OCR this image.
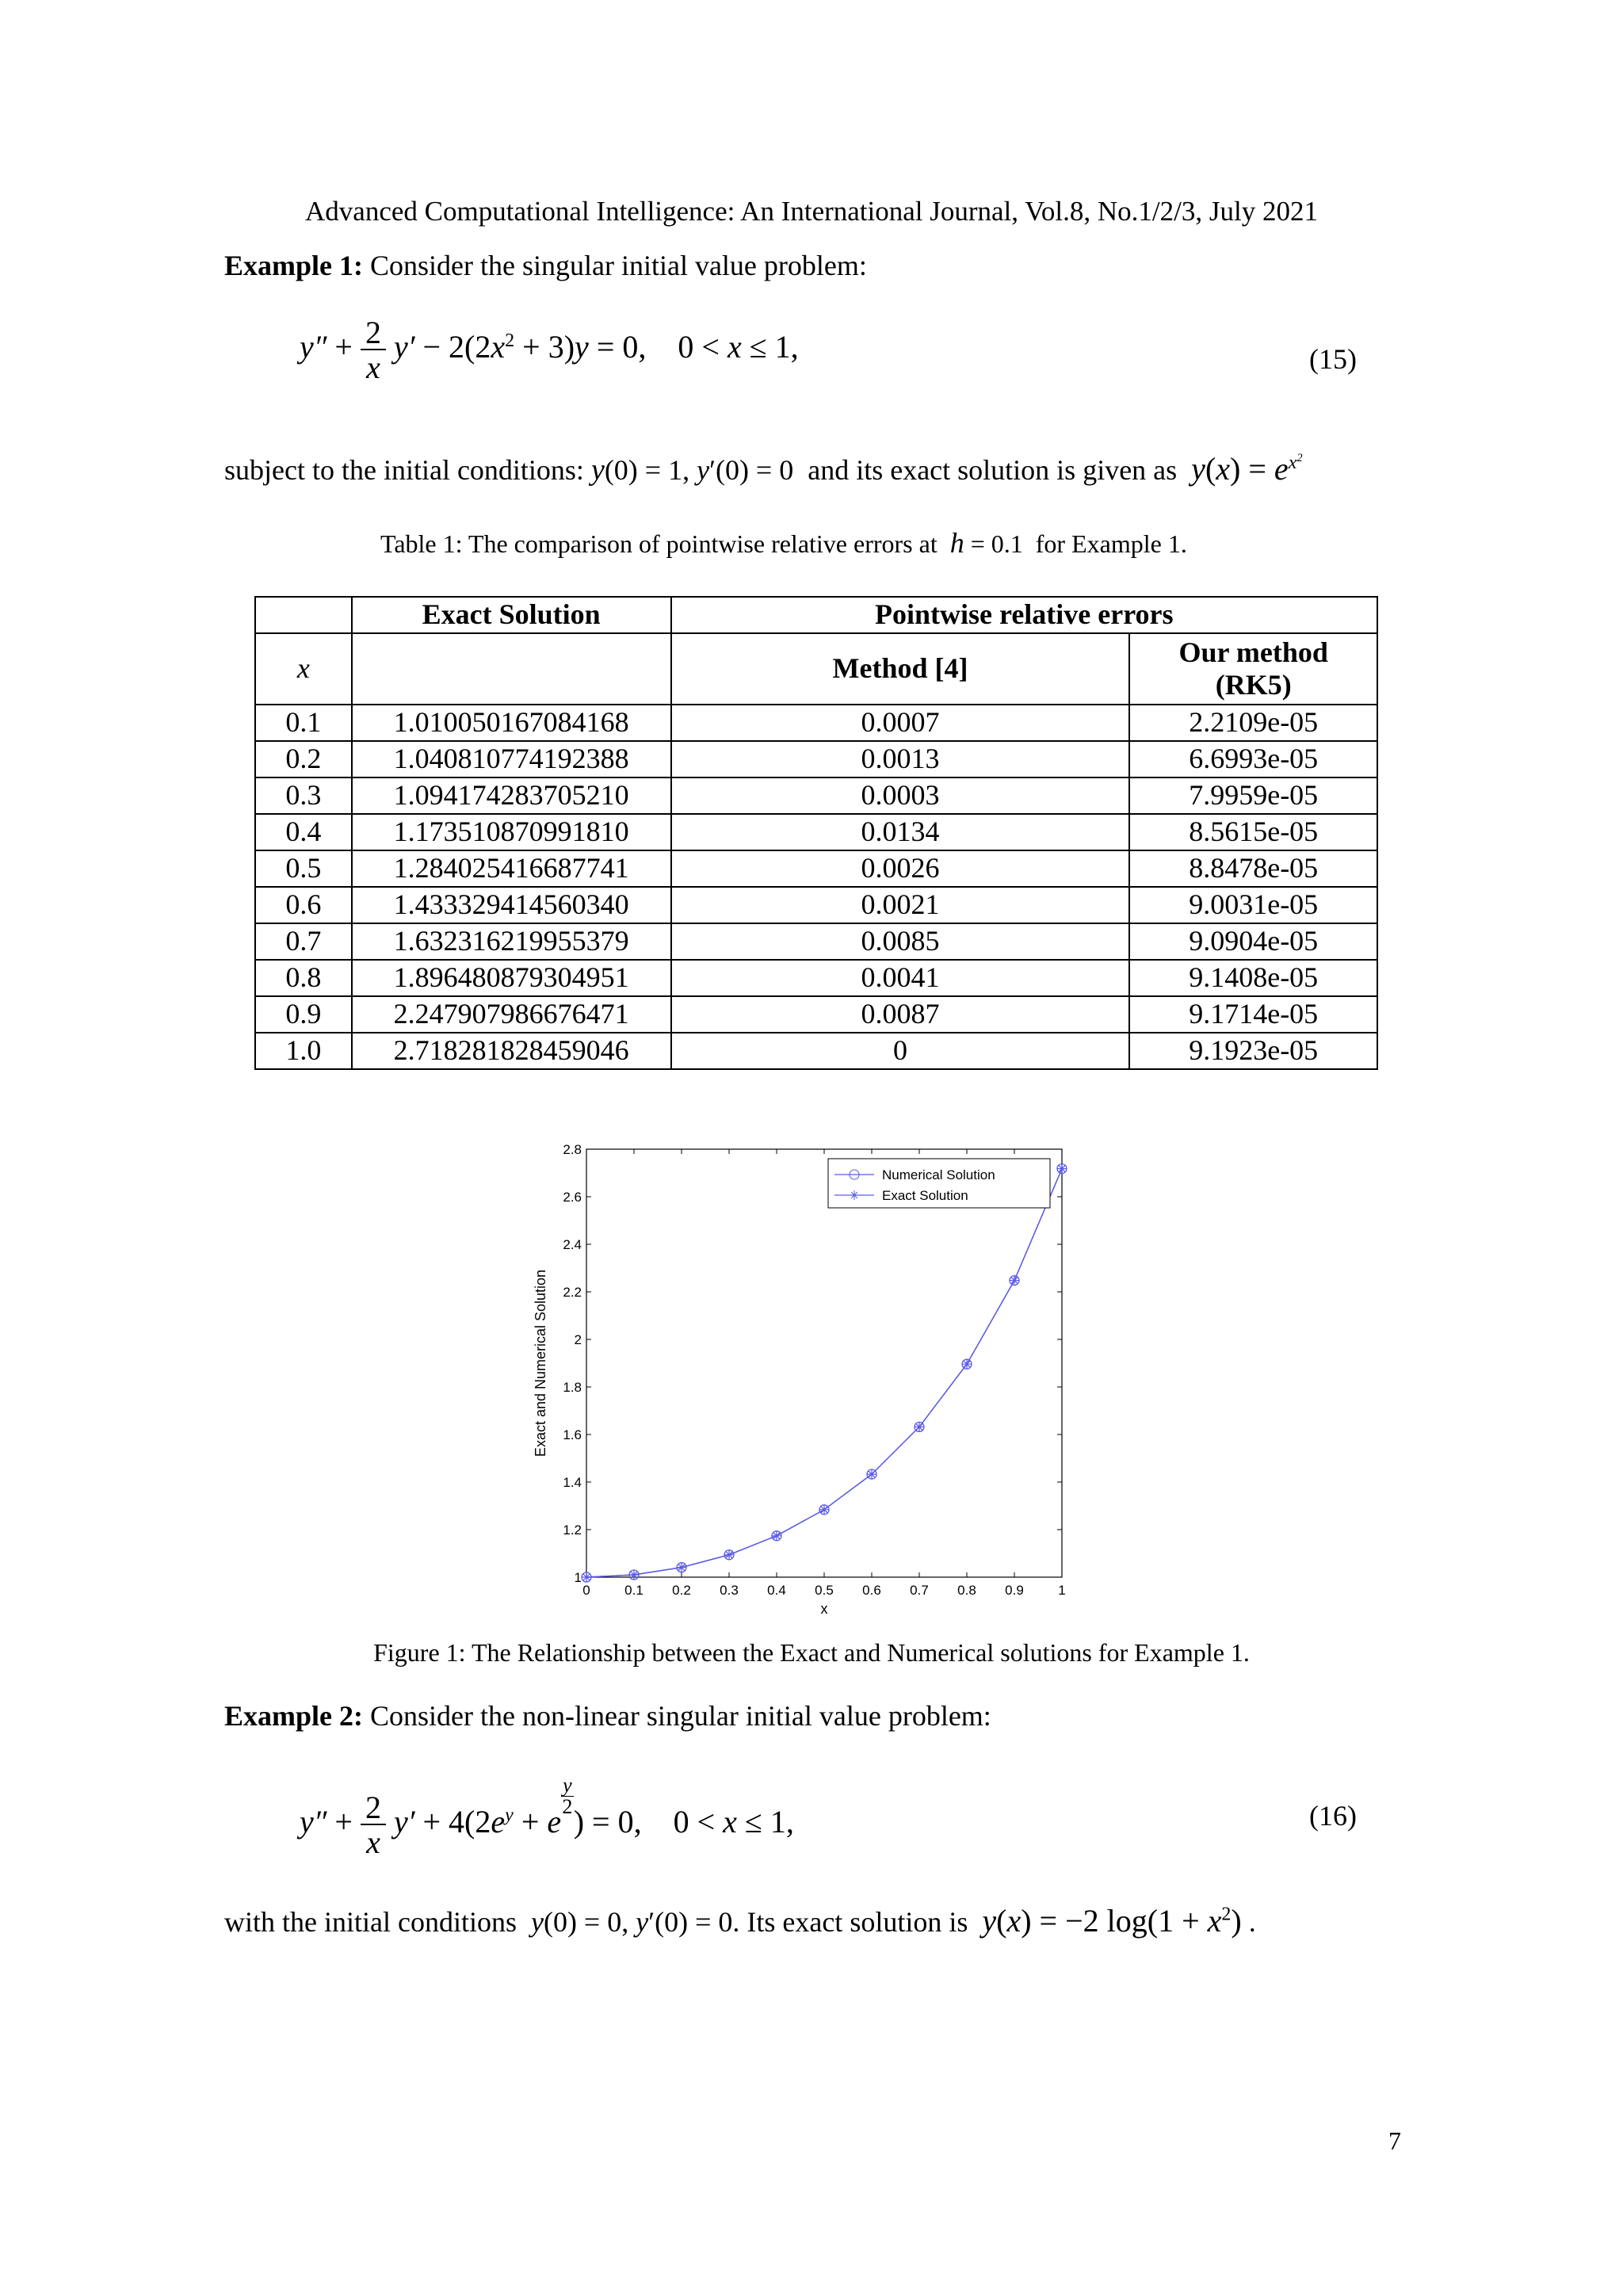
Advanced Computational Intelligence: An International Journal, Vol.8, No.1/2/3, July 2021
Example 1: Consider the singular initial value problem:
$y'' + \frac{2}{x} y' - 2(2x^2 + 3)y = 0$,    0 < x ≤ 1,	(15)
subject to the initial conditions: y(0) = 1, y′(0) = 0  and its exact solution is given as $y(x) = e^{x^2}$
Table 1: The comparison of pointwise relative errors at h = 0.1  for Example 1.
	Exact Solution	Pointwise relative errors	
x		Method [4]	Our method
(RK5)
0.1	1.010050167084168	0.0007	2.2109e-05
0.2	1.040810774192388	0.0013	6.6993e-05
0.3	1.094174283705210	0.0003	7.9959e-05
0.4	1.173510870991810	0.0134	8.5615e-05
0.5	1.284025416687741	0.0026	8.8478e-05
0.6	1.433329414560340	0.0021	9.0031e-05
0.7	1.632316219955379	0.0085	9.0904e-05
0.8	1.896480879304951	0.0041	9.1408e-05
0.9	2.247907986676471	0.0087	9.1714e-05
1.0	2.718281828459046	0	9.1923e-05
0	0.1 0.2 0.3 0.4 0.5 0.6 0.7 0.8 0.9	1
1
1.2
1.4
1.6
1.8
2
2.2
2.4
2.6
2.8
x
Exact and Numerical Solution
Numerical Solution
Exact Solution
Figure 1: The Relationship between the Exact and Numerical solutions for Example 1.
Example 2: Consider the non-linear singular initial value problem:
$y'' + \frac{2}{x} y' + 4(2e^y + e$
$\frac{y}{2}$
) = 0,    0 < x ≤ 1,	(16)
with the initial conditions y(0) = 0, y′(0) = 0. Its exact solution is y(x) = −2 $\log(1 + x^2)$ .
7
